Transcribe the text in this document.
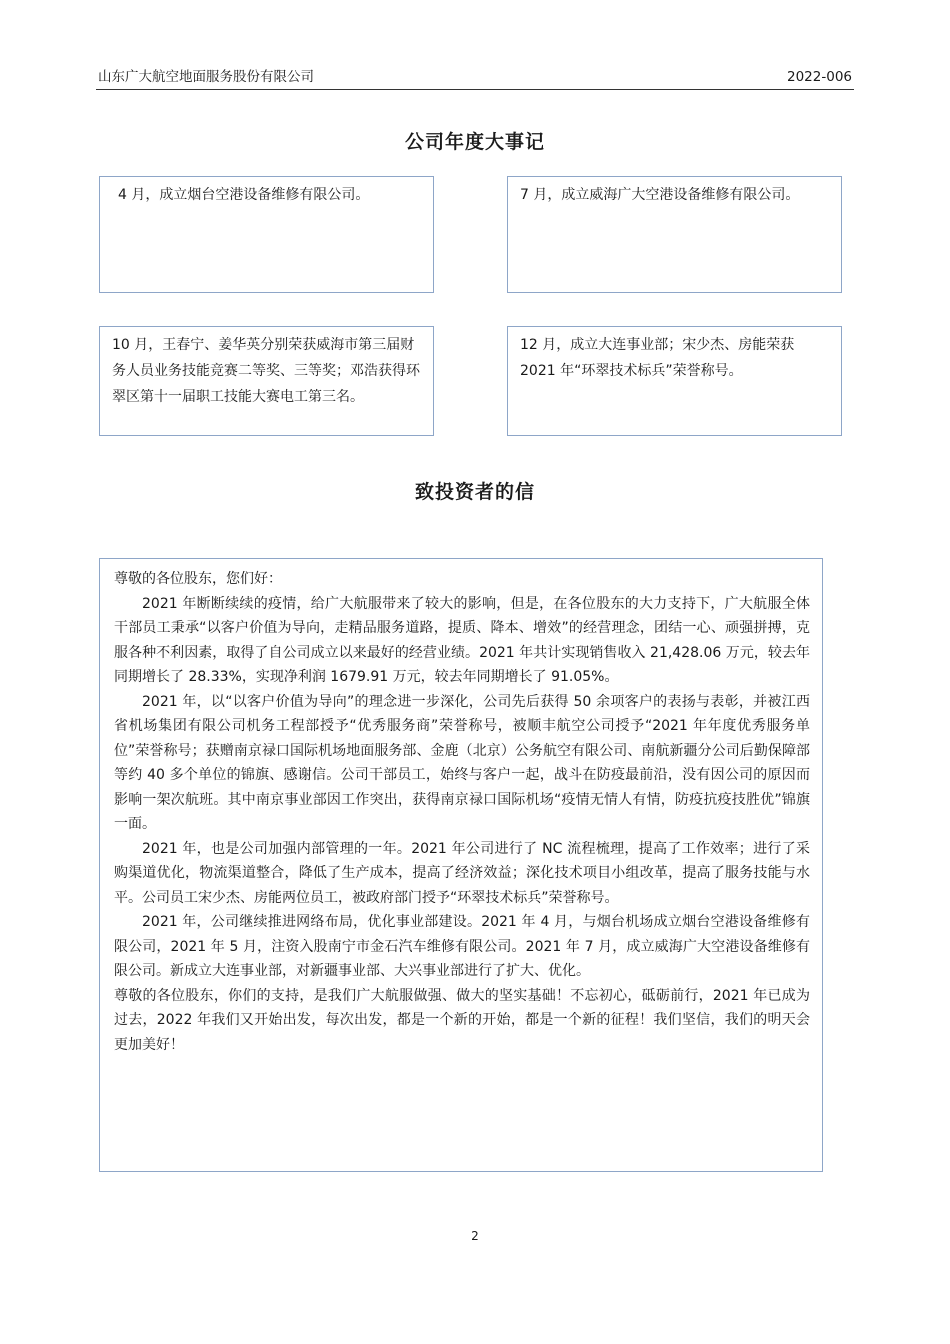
山东广大航空地面服务股份有限公司	2022-006
公司年度大事记

4 月，成立烟台空港设备维修有限公司。	7 月，成立威海广大空港设备维修有限公司。

10 月，王春宁、姜华英分别荣获威海市第三届财务人员业务技能竞赛二等奖、三等奖；邓浩获得环翠区第十一届职工技能大赛电工第三名。

12 月，成立大连事业部；宋少杰、房能荣获 2021 年“环翠技术标兵”荣誉称号。

致投资者的信

尊敬的各位股东，您们好：

2021 年断断续续的疫情，给广大航服带来了较大的影响，但是，在各位股东的大力支持下，广大航服全体干部员工秉承“以客户价值为导向，走精品服务道路，提质、降本、增效”的经营理念，团结一心、顽强拼搏，克服各种不利因素，取得了自公司成立以来最好的经营业绩。2021 年共计实现销售收入 21,428.06 万元，较去年同期增长了 28.33%，实现净利润 1679.91 万元，较去年同期增长了 91.05%。

2021 年，以“以客户价值为导向”的理念进一步深化，公司先后获得 50 余项客户的表扬与表彰，并被江西省机场集团有限公司机务工程部授予“优秀服务商”荣誉称号，被顺丰航空公司授予“2021 年年度优秀服务单位”荣誉称号；获赠南京禄口国际机场地面服务部、金鹿（北京）公务航空有限公司、南航新疆分公司后勤保障部等约 40 多个单位的锦旗、感谢信。公司干部员工，始终与客户一起，战斗在防疫最前沿，没有因公司的原因而影响一架次航班。其中南京事业部因工作突出，获得南京禄口国际机场“疫情无情人有情，防疫抗疫技胜优”锦旗一面。

2021 年，也是公司加强内部管理的一年。2021 年公司进行了 NC 流程梳理，提高了工作效率；进行了采购渠道优化，物流渠道整合，降低了生产成本，提高了经济效益；深化技术项目小组改革，提高了服务技能与水平。公司员工宋少杰、房能两位员工，被政府部门授予“环翠技术标兵”荣誉称号。

2021 年，公司继续推进网络布局，优化事业部建设。2021 年 4 月，与烟台机场成立烟台空港设备维修有限公司，2021 年 5 月，注资入股南宁市金石汽车维修有限公司。2021 年 7 月，成立威海广大空港设备维修有限公司。新成立大连事业部，对新疆事业部、大兴事业部进行了扩大、优化。

尊敬的各位股东，你们的支持，是我们广大航服做强、做大的坚实基础！不忘初心，砥砺前行，2021 年已成为过去，2022 年我们又开始出发，每次出发，都是一个新的开始，都是一个新的征程！我们坚信，我们的明天会更加美好！

2
